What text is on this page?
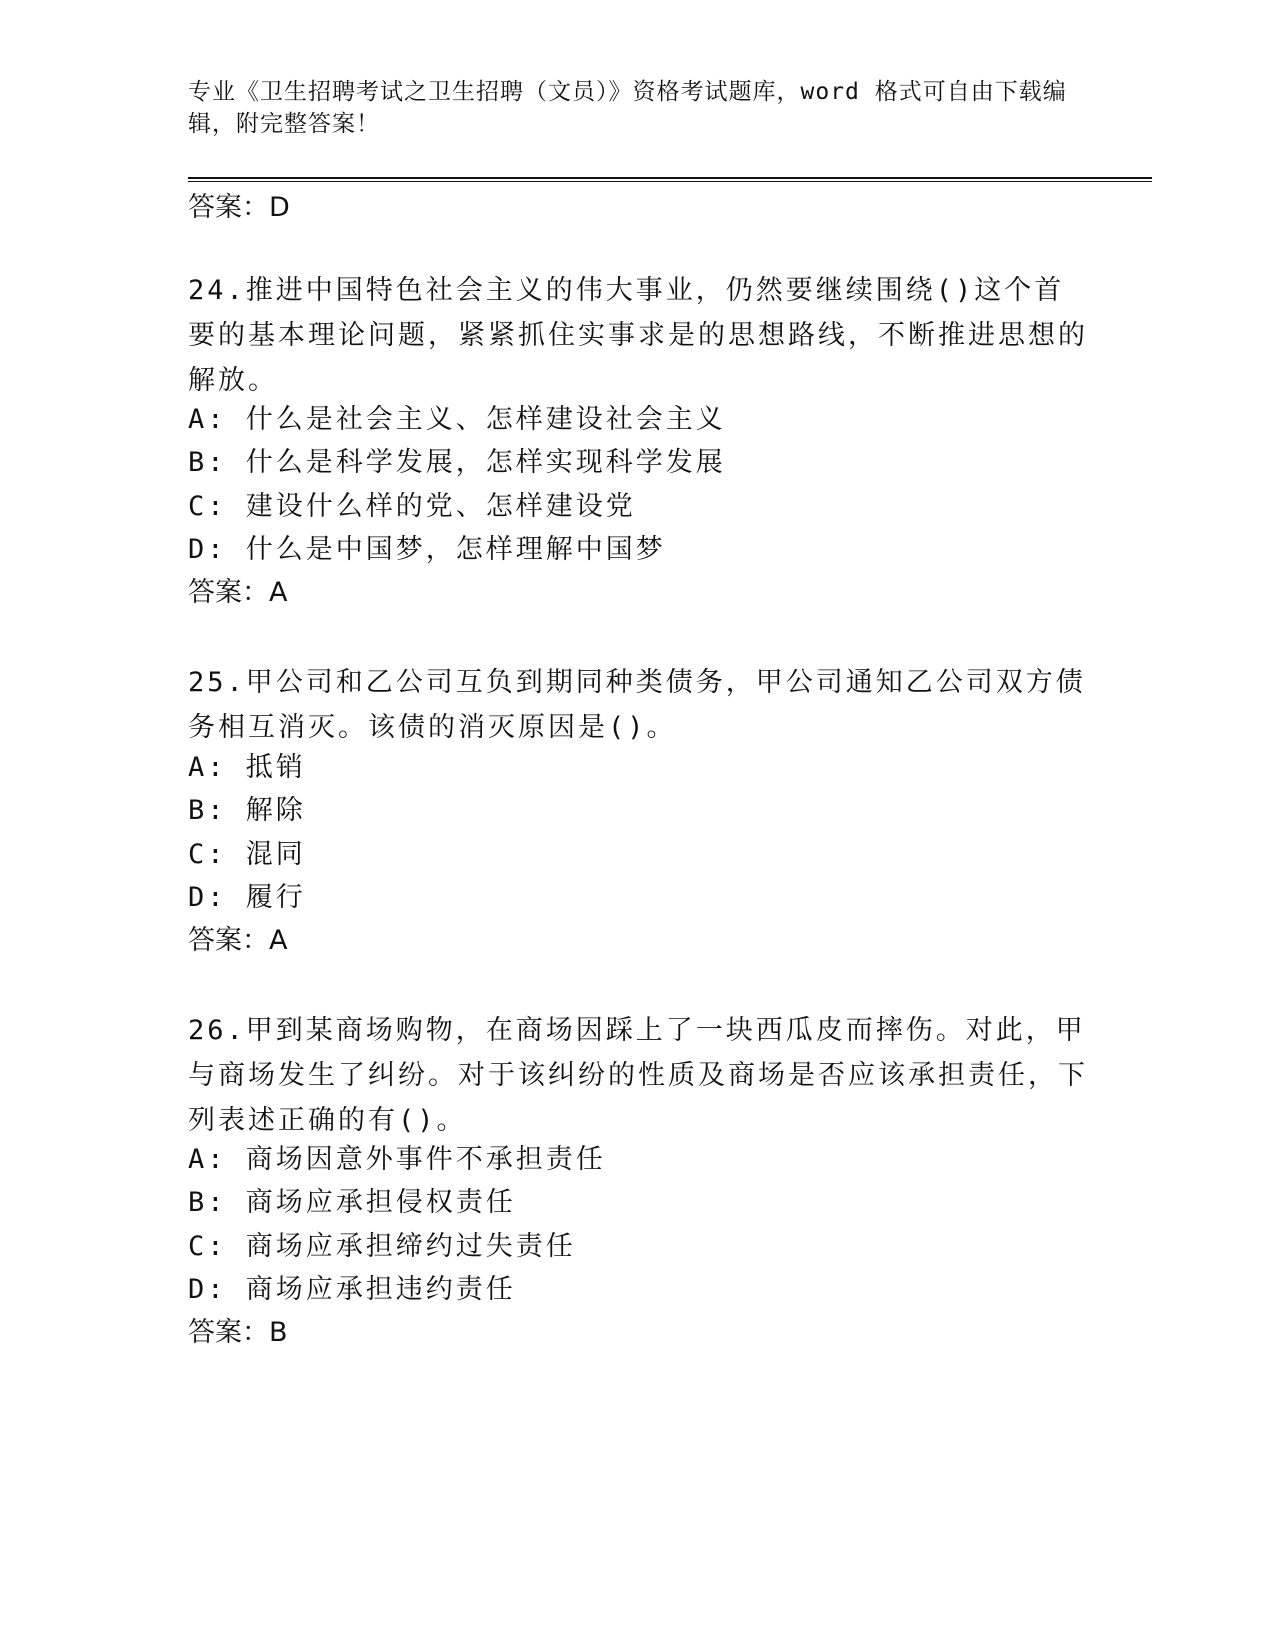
专业《卫生招聘考试之卫生招聘（文员）》资格考试题库，word 格式可自由下载编辑，附完整答案！
答案：D
24.推进中国特色社会主义的伟大事业，仍然要继续围绕()这个首要的基本理论问题，紧紧抓住实事求是的思想路线，不断推进思想的解放。
A: 什么是社会主义、怎样建设社会主义
B: 什么是科学发展，怎样实现科学发展
C: 建设什么样的党、怎样建设党
D: 什么是中国梦，怎样理解中国梦
答案：A
25.甲公司和乙公司互负到期同种类债务，甲公司通知乙公司双方债务相互消灭。该债的消灭原因是()。
A: 抵销
B: 解除
C: 混同
D: 履行
答案：A
26.甲到某商场购物，在商场因踩上了一块西瓜皮而摔伤。对此，甲与商场发生了纠纷。对于该纠纷的性质及商场是否应该承担责任，下列表述正确的有()。
A: 商场因意外事件不承担责任
B: 商场应承担侵权责任
C: 商场应承担缔约过失责任
D: 商场应承担违约责任
答案：B
